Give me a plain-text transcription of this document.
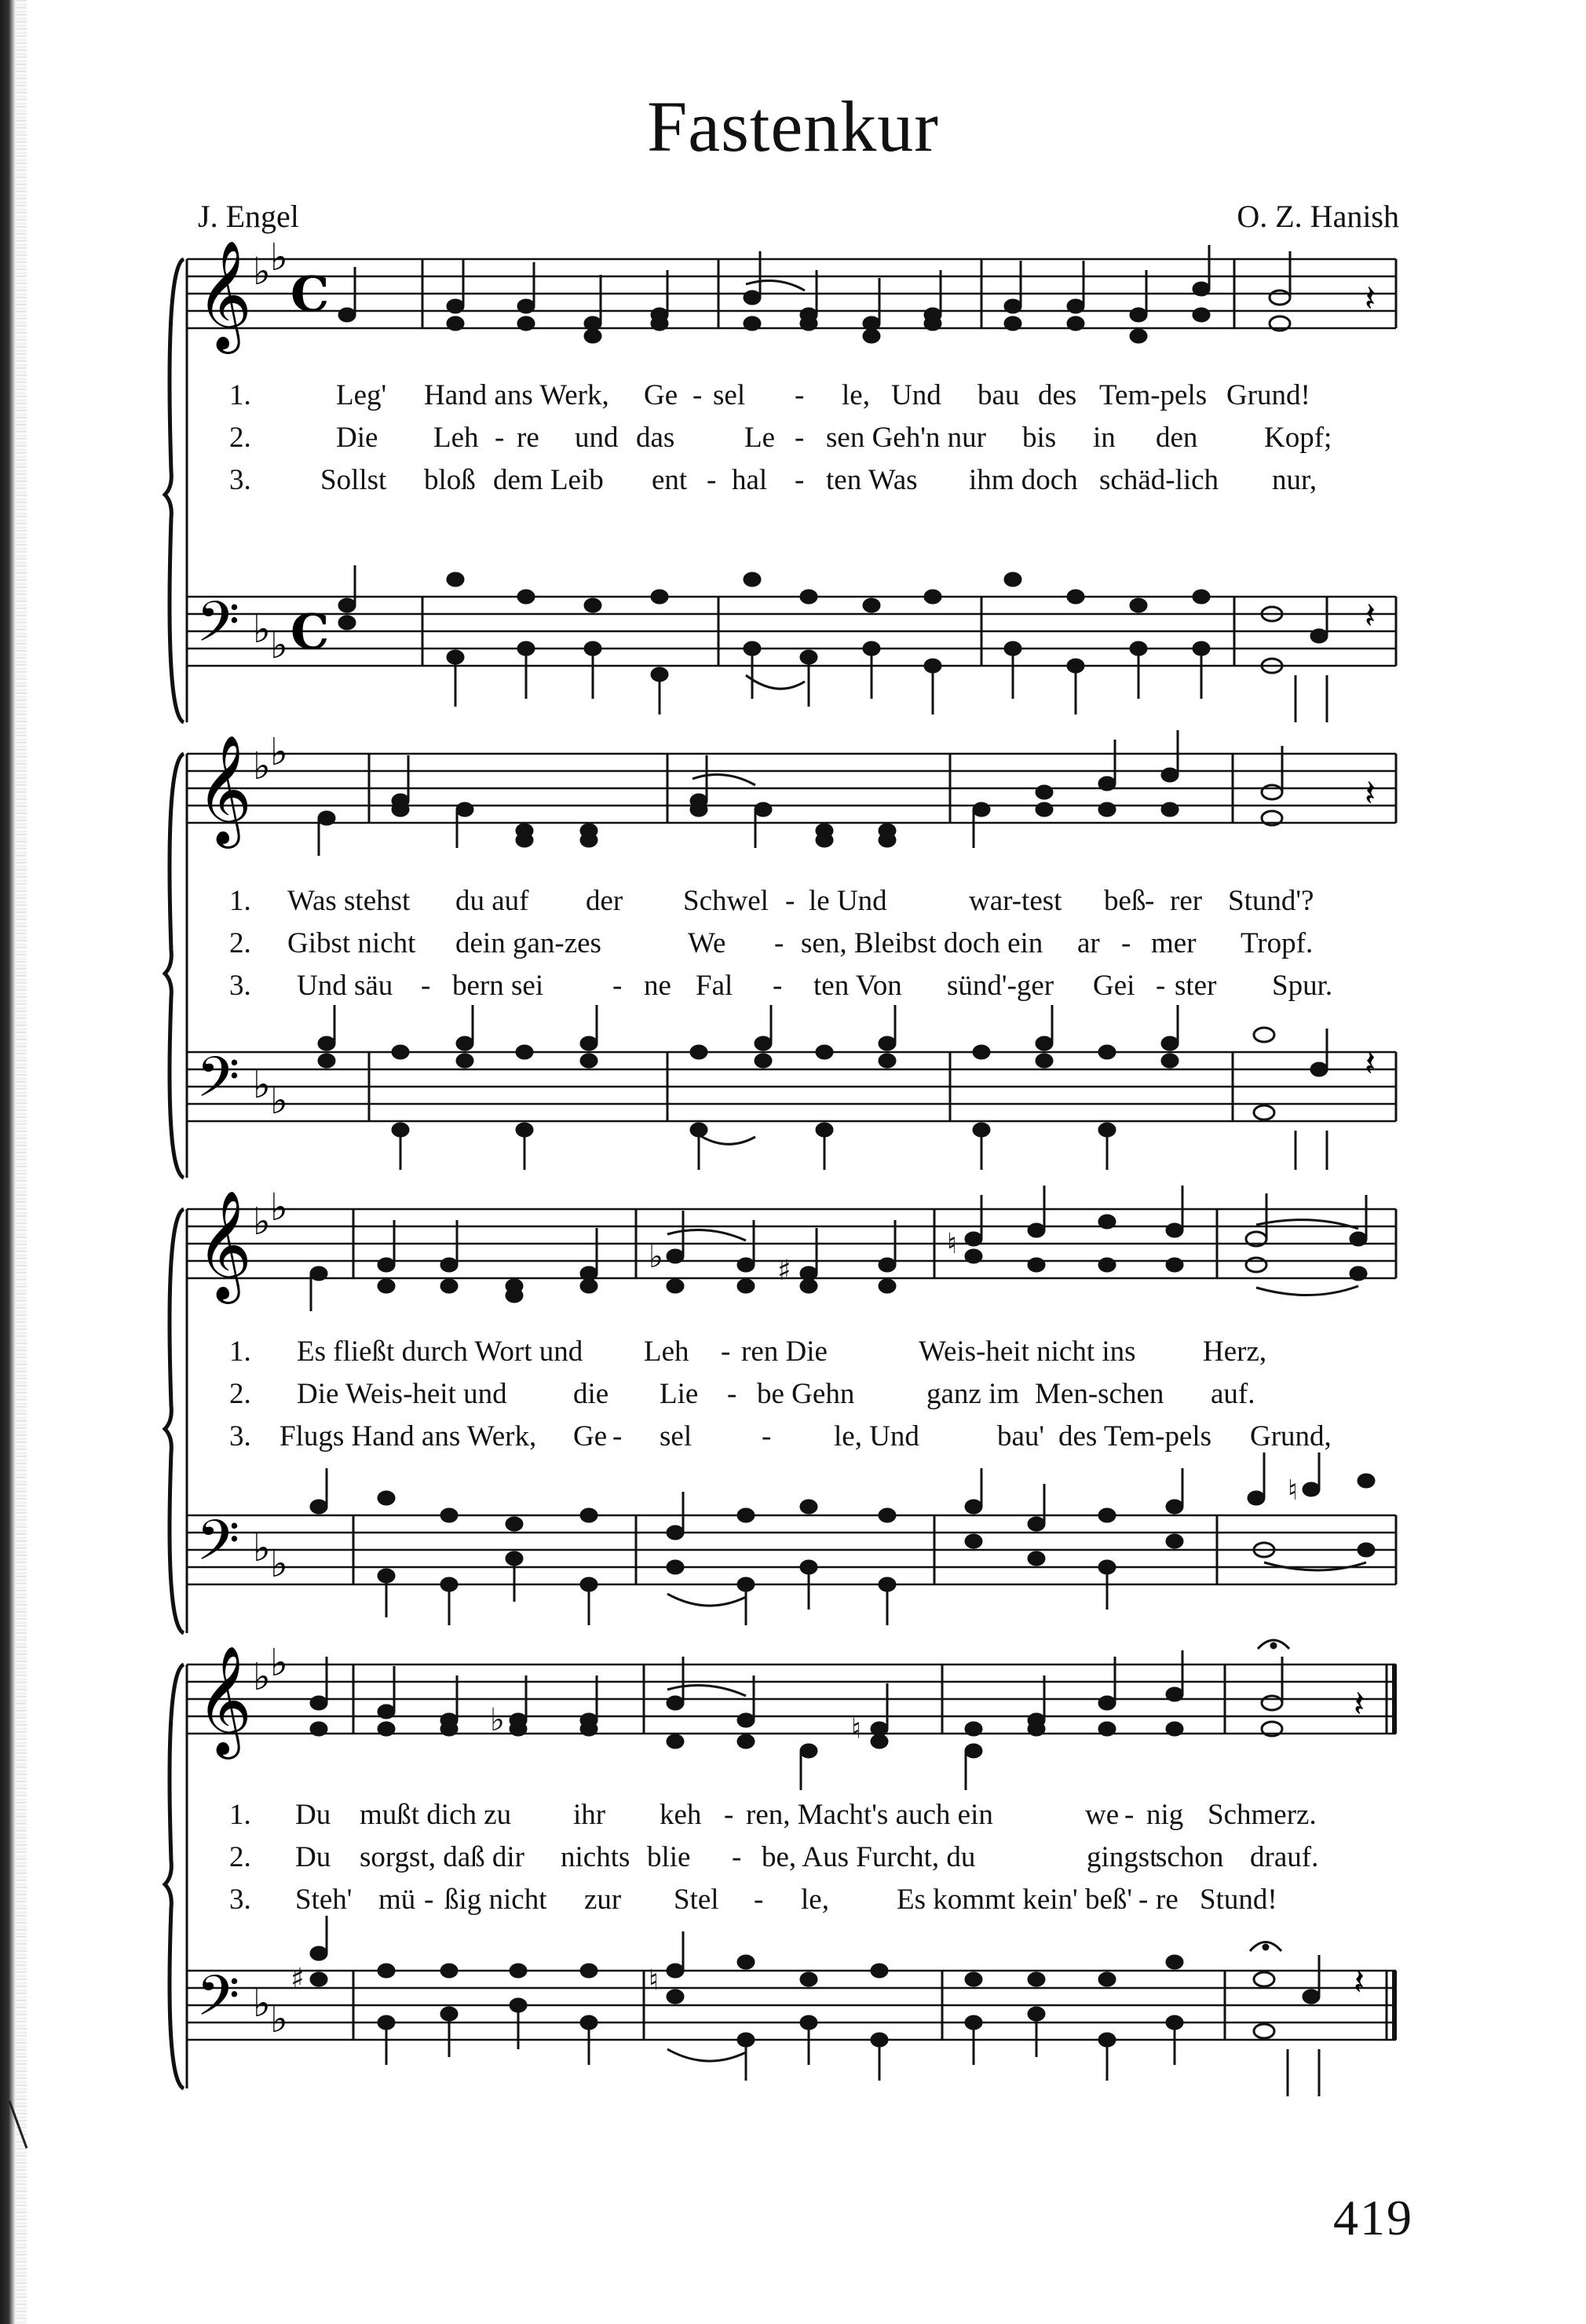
Fastenkur
J. Engel	O. Z. Hanish
𝄞 ♭ ♭
C
𝄢 ♭ ♭ C
𝄽
𝄽
1.	Leg' Hand ans Werk, Ge - sel - le, Und bau des Tem-pels Grund!
2.	Die Leh - re und das Le - sen Geh'n nur bis in den Kopf;
3. Sollst bloß dem Leib ent - hal - ten Was ihm doch schäd-lich nur,
𝄞 ♭ ♭
𝄢 ♭ ♭
𝄽
𝄽
1. Was stehst du auf der Schwel - le Und	war-test beß
- rer Stund'?
2. Gibst nicht dein gan-zes	We - sen, Bleibst doch ein ar - mer Tropf.
3. Und säu - bern sei - ne Fal - ten Von sünd'-ger Gei - ster Spur.
𝄞 ♭ ♭
𝄢 ♭ ♭
♭	♯
♮
♮
1. Es fließt durch Wort und Leh - ren Die	Weis-heit nicht ins Herz,
2. Die Weis-heit und die Lie - be Gehn ganz im Men-schen auf.
3. Flugs Hand ans Werk, Ge - sel - le, Und	bau' des Tem-pels Grund,
𝄞 ♭ ♭
𝄢 ♭ ♭
♭	♮
𝄽
♯	♮	𝄽
1. Du mußt dich zu ihr keh - ren, Macht's auch ein	we - nig Schmerz.
2. Du sorgst, daß dir nichts blie - be, Aus Furcht, du	gingst
schon drauf.
3. Steh' mü - ßig nicht zur Stel - le, Es kommt kein' beß' - re Stund!
419
